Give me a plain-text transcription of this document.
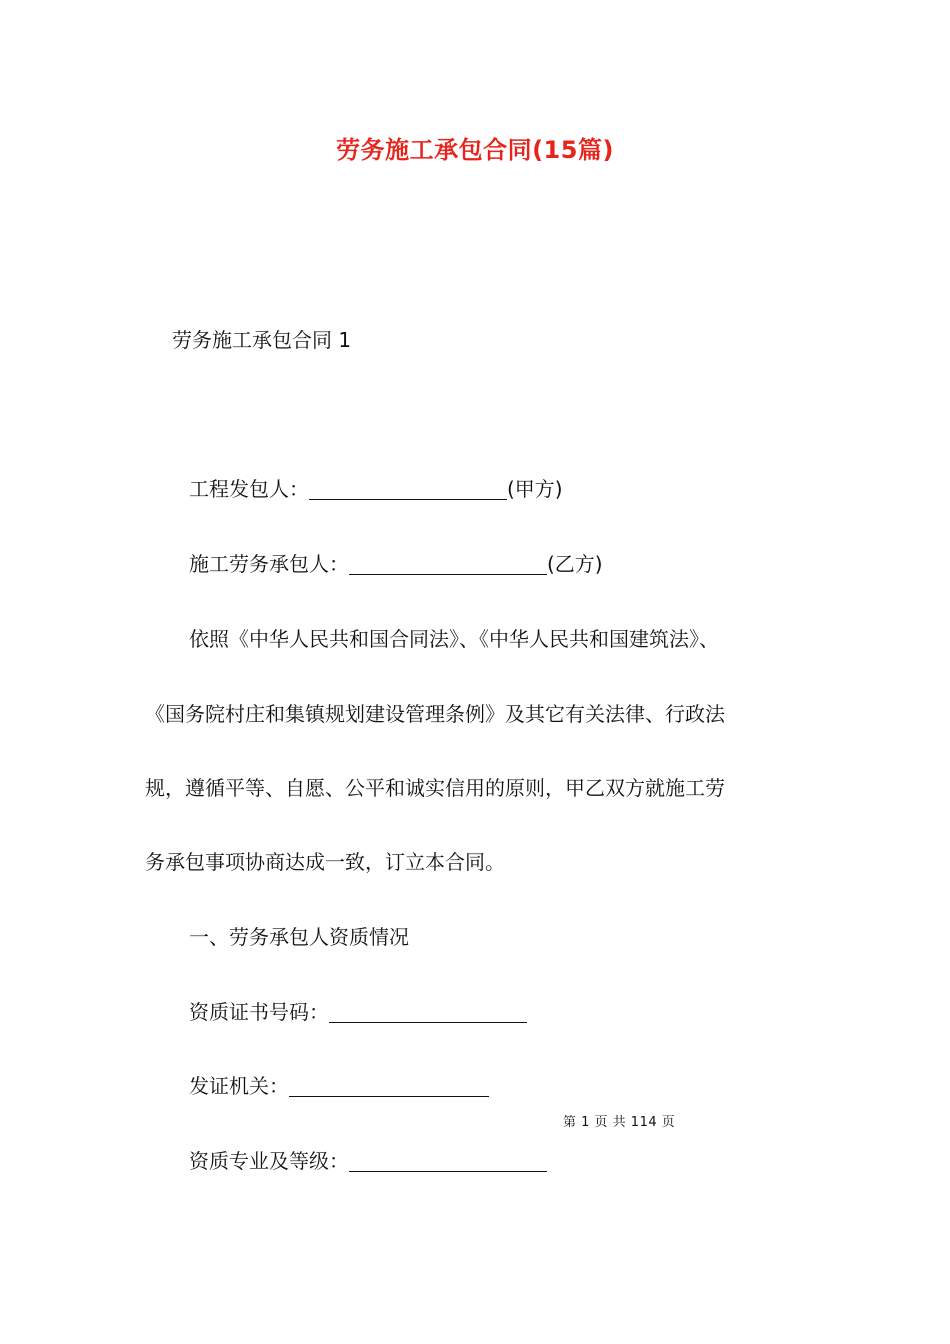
劳务施工承包合同(15篇)
劳务施工承包合同 1
工程发包人：	(甲方)
施工劳务承包人：	(乙方)
依照《中华人民共和国合同法》、《中华人民共和国建筑法》、
《国务院村庄和集镇规划建设管理条例》及其它有关法律、行政法
规，遵循平等、自愿、公平和诚实信用的原则，甲乙双方就施工劳
务承包事项协商达成一致，订立本合同。
一、劳务承包人资质情况
资质证书号码：
发证机关：
第 1 页 共 114 页
资质专业及等级：
